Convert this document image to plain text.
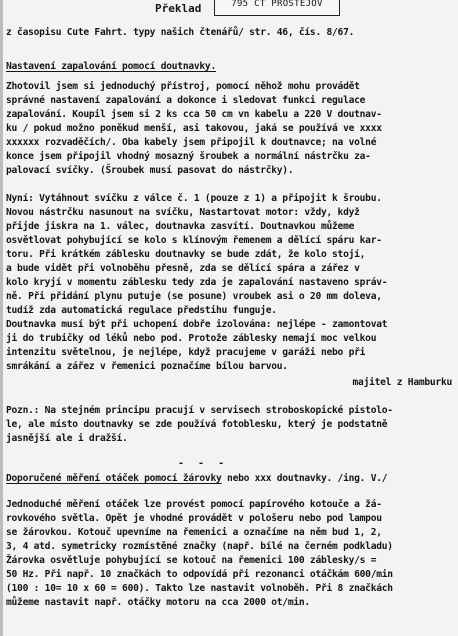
Překlad	795 CT PROSTĚJOV
z časopisu Cute Fahrt. typy našich čtenářů/ str. 46, čís. 8/67.
Nastavení zapalování pomocí doutnavky.
Zhotovil jsem si jednoduchý přístroj, pomocí něhož mohu provádět
správné nastavení zapalování a dokonce i sledovat funkci regulace
zapalování. Koupil jsem si 2 ks cca 50 cm vn kabelu a 220 V doutnav-
ku / pokud možno poněkud menší, asi takovou, jaká se používá ve xxxx
xxxxxx rozvaděčích/. Oba kabely jsem připojil k doutnavce; na volné
konce jsem připojil vhodný mosazný šroubek a normální nástrčku za-
palovací svíčky. (Šroubek musí pasovat do nástrčky).
Nyní: Vytáhnout svíčku z válce č. 1 (pouze z 1) a připojit k šroubu.
Novou nástrčku nasunout na svíčku, Nastartovat motor: vždy, když
přijde jiskra na 1. válec, doutnavka zasvítí. Doutnavkou můžeme
osvětlovat pohybující se kolo s klínovým řemenem a dělící spáru kar-
toru. Při krátkém záblesku doutnavky se bude zdát, že kolo stojí,
a bude vidět při volnoběhu přesně, zda se dělící spára a zářez v
kolo kryjí v momentu záblesku tedy zda je zapalování nastaveno správ-
ně. Při přidání plynu putuje (se posune) vroubek asi o 20 mm doleva,
tudíž zda automatická regulace předstihu funguje.
Doutnavka musí být při uchopení dobře izolována: nejlépe - zamontovat
ji do trubičky od léků nebo pod. Protože záblesky nemají moc velkou
intenzitu světelnou, je nejlépe, když pracujeme v garáži nebo při
smrákání a zářez v řemenici poznačíme bílou barvou.
majitel z Hamburku
Pozn.: Na stejném principu pracují v servisech stroboskopické pistolo-
le, ale místo doutnavky se zde používá fotoblesku, který je podstatně
jasnější ale i dražší.
- - -
Doporučené měření otáček pomocí žárovky nebo xxx doutnavky. /ing. V./
Jednoduché měření otáček lze provést pomocí papírového kotouče a žá-
rovkového světla. Opět je vhodné provádět v pološeru nebo pod lampou
se žárovkou. Kotouč upevníme na řemenici a označíme na něm bud 1, 2,
3, 4 atd. symetricky rozmístěné značky (např. bílé na černém podkladu)
Žárovka osvětluje pohybující se kotouč na řemenici 100 záblesky/s =
50 Hz. Při např. 10 značkách to odpovídá při rezonanci otáčkám 600/min
(100 : 10= 10 x 60 = 600). Takto lze nastavit volnoběh. Při 8 značkách
můžeme nastavit např. otáčky motoru na cca 2000 ot/min.
